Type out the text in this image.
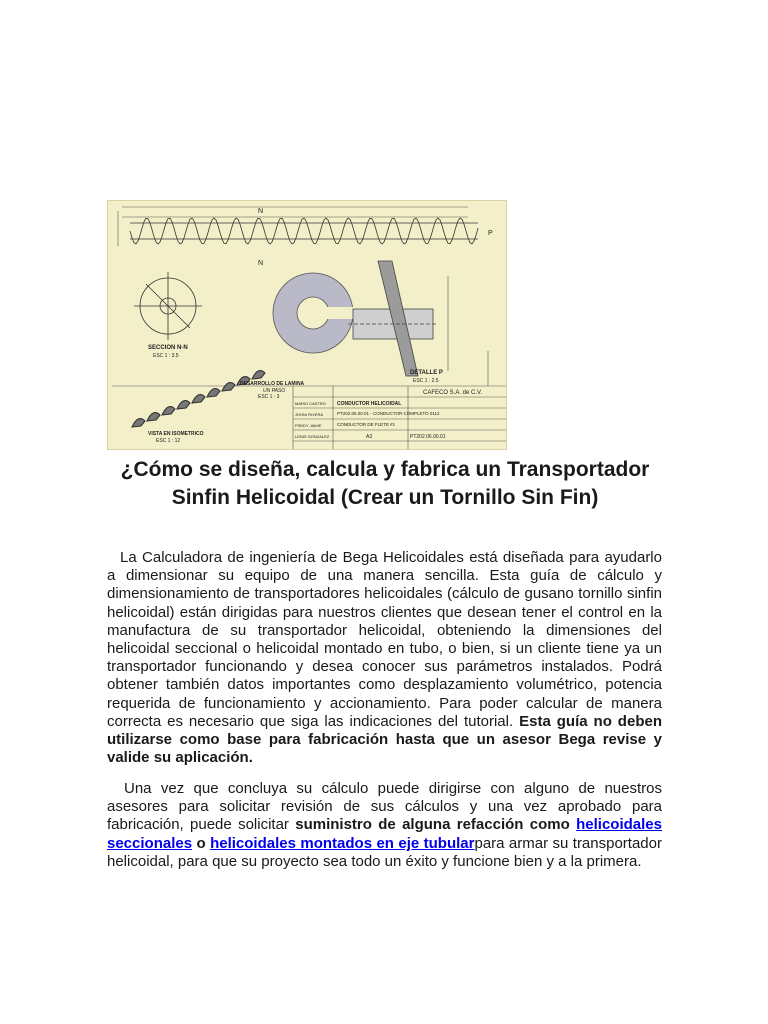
N
N
P
SECCION N-N
ESC 1 : 3.5
DESARROLLO DE LAMINA
UN PASO
ESC 1 : 3
VISTA EN ISOMETRICO
ESC 1 : 12
DETALLE P
ESC 1 : 2.5
CAFECO S.A. de C.V.
CONDUCTOR HELICOIDAL
PT202.06.00.01 - CONDUCTOR COMPLETO 0112
CONDUCTOR DE FLETE #1
MARIO CASTRO
JHONI RIVERA
FREDY JAIME
LENIS GONZALEZ	A3	PT202.06.00.01
¿Cómo se diseña, calcula y fabrica un Transportador Sinfin Helicoidal (Crear un Tornillo Sin Fin)
La Calculadora de ingeniería de Bega Helicoidales está diseñada para ayudarlo a dimensionar su equipo de una manera sencilla. Esta guía de cálculo y dimensionamiento de transportadores helicoidales (cálculo de gusano tornillo sinfin helicoidal) están dirigidas para nuestros clientes que desean tener el control en la manufactura de su transportador helicoidal, obteniendo la dimensiones del helicoidal seccional o helicoidal montado en tubo, o bien, si un cliente tiene ya un transportador funcionando y desea conocer sus parámetros instalados. Podrá obtener también datos importantes como desplazamiento volumétrico, potencia requerida de funcionamiento y accionamiento. Para poder calcular de manera correcta es necesario que siga las indicaciones del tutorial. Esta guía no deben utilizarse como base para fabricación hasta que un asesor Bega revise y valide su aplicación.
Una vez que concluya su cálculo puede dirigirse con alguno de nuestros asesores para solicitar revisión de sus cálculos y una vez aprobado para fabricación, puede solicitar suministro de alguna refacción como helicoidales seccionales o helicoidales montados en eje tubularpara armar su transportador helicoidal, para que su proyecto sea todo un éxito y funcione bien y a la primera.
